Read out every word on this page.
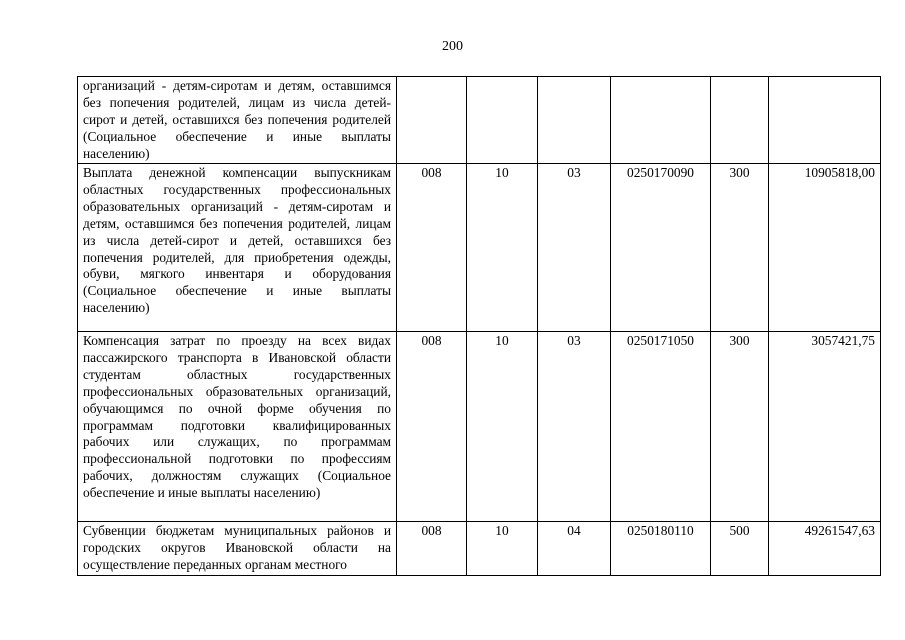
200
организаций - детям-сиротам и детям, оставшимся без попечения родителей, лицам из числа детей-сирот и детей, оставшихся без попечения родителей (Социальное обеспечение и иные выплаты населению)						
Выплата денежной компенсации выпускникам областных государственных профессиональных образовательных организаций - детям-сиротам и детям, оставшимся без попечения родителей, лицам из числа детей-сирот и детей, оставшихся без попечения родителей, для приобретения одежды, обуви, мягкого инвентаря и оборудования (Социальное обеспечение и иные выплаты населению)	008	10	03	0250170090	300	10905818,00
Компенсация затрат по проезду на всех видах пассажирского транспорта в Ивановской области студентам областных государственных профессиональных образовательных организаций, обучающимся по очной форме обучения по программам подготовки квалифицированных рабочих или служащих, по программам профессиональной подготовки по профессиям рабочих, должностям служащих (Социальное обеспечение и иные выплаты населению)	008	10	03	0250171050	300	3057421,75
Субвенции бюджетам муниципальных районов и городских округов Ивановской области на осуществление переданных органам местного	008	10	04	0250180110	500	49261547,63
